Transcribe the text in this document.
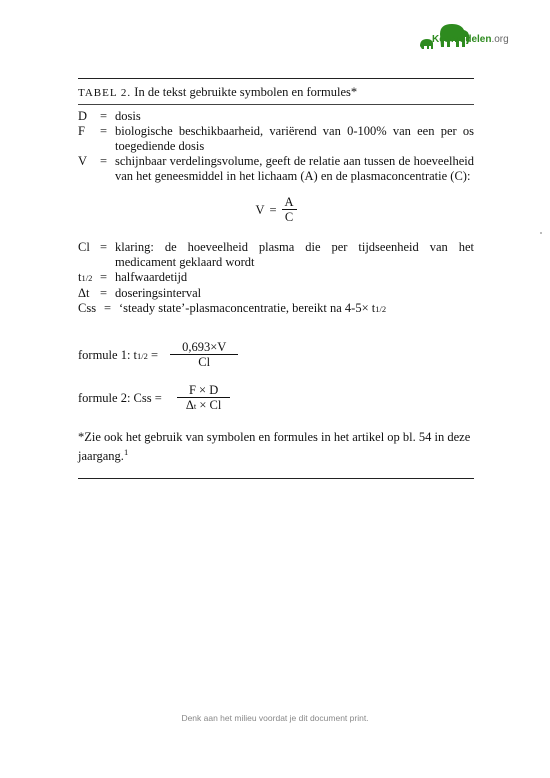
Kennisdelen.org
TABEL 2. In de tekst gebruikte symbolen en formules*
D	= dosis
F	= biologische beschikbaarheid, variërend van 0-100% van een per os toegediende dosis
V	= schijnbaar verdelingsvolume, geeft de relatie aan tussen de hoeveelheid van het geneesmiddel in het lichaam (A) en de plasmaconcentratie (C):
$V = \frac{A}{C}$
Cl = klaring: de hoeveelheid plasma die per tijdseenheid van het medicament geklaard wordt
t1/2 = halfwaardetijd
Δt = doseringsinterval
Css = ‘steady state’-plasmaconcentratie, bereikt na 4-5× t1/2
formule 1: $t1/2 = \frac{0,693\times V}{Cl}$
formule 2: Css = $\frac{F \times D}{\Delta t \times Cl}$
*Zie ook het gebruik van symbolen en formules in het artikel op bl. 54 in deze jaargang.$^1$
Denk aan het milieu voordat je dit document print.
